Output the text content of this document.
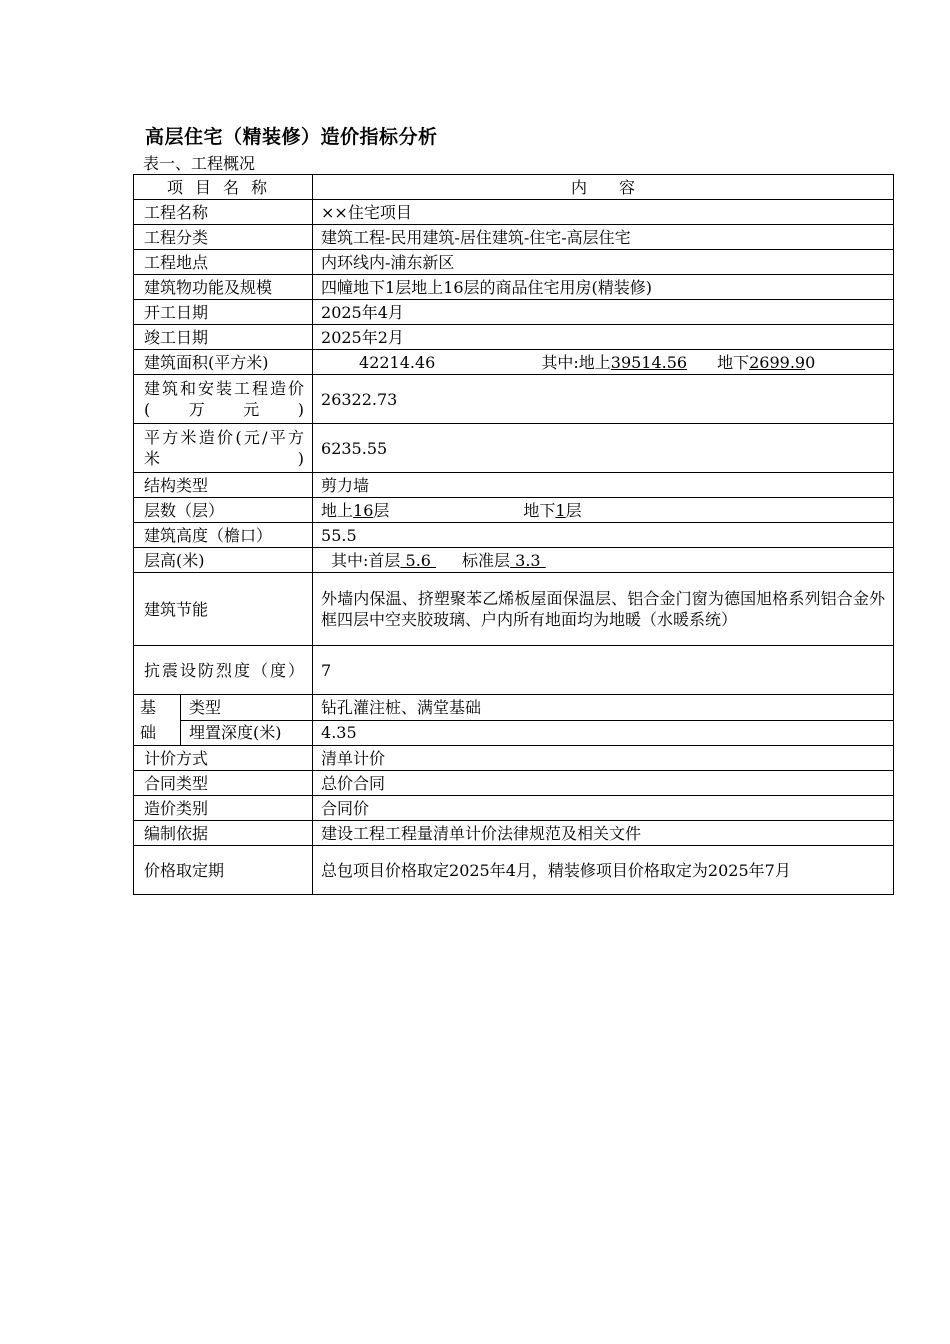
高层住宅（精装修）造价指标分析
表一、工程概况
项目名称		内　　容
工程名称		××住宅项目
工程分类		建筑工程-民用建筑-居住建筑-住宅-高层住宅
工程地点		内环线内-浦东新区
建筑物功能及规模		四幢地下1层地上16层的商品住宅用房(精装修)
开工日期		2025年4月
竣工日期		2025年2月
建筑面积(平方米)		42214.46 其中:地上39514.56 地下2699.90
建筑和安装工程造价(万元)		26322.73
平方米造价(元/平方米)		6235.55
结构类型		剪力墙
层数（层）		地上16层 地下1层
建筑高度（檐口）		55.5
层高(米)		其中:首层 5.6 标准层 3.3
建筑节能		外墙内保温、挤塑聚苯乙烯板屋面保温层、铝合金门窗为德国旭格系列铝合金外框四层中空夹胶玻璃、户内所有地面均为地暖（水暖系统）
抗震设防烈度（度）		7

基
础	类型	钻孔灌注桩、满堂基础
	埋置深度(米)	4.35
计价方式		清单计价
合同类型		总价合同
造价类别		合同价
编制依据		建设工程工程量清单计价法律规范及相关文件
价格取定期		总包项目价格取定2025年4月，精装修项目价格取定为2025年7月
